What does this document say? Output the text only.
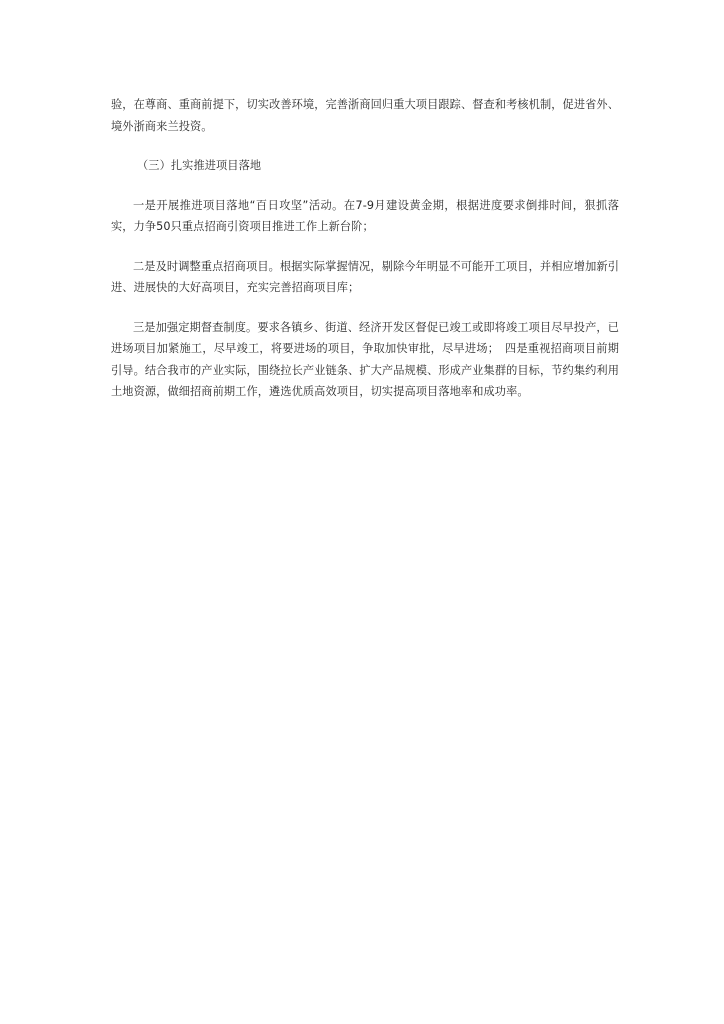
验，在尊商、重商前提下，切实改善环境，完善浙商回归重大项目跟踪、督查和考核机制，促进省外、境外浙商来兰投资。

（三）扎实推进项目落地

一是开展推进项目落地“百日攻坚”活动。在7-9月建设黄金期，根据进度要求倒排时间，狠抓落实，力争50只重点招商引资项目推进工作上新台阶；

二是及时调整重点招商项目。根据实际掌握情况，剔除今年明显不可能开工项目，并相应增加新引进、进展快的大好高项目，充实完善招商项目库；

三是加强定期督查制度。要求各镇乡、街道、经济开发区督促已竣工或即将竣工项目尽早投产，已进场项目加紧施工，尽早竣工，将要进场的项目，争取加快审批，尽早进场；　四是重视招商项目前期引导。结合我市的产业实际，围绕拉长产业链条、扩大产品规模、形成产业集群的目标，节约集约利用土地资源，做细招商前期工作，遴选优质高效项目，切实提高项目落地率和成功率。
